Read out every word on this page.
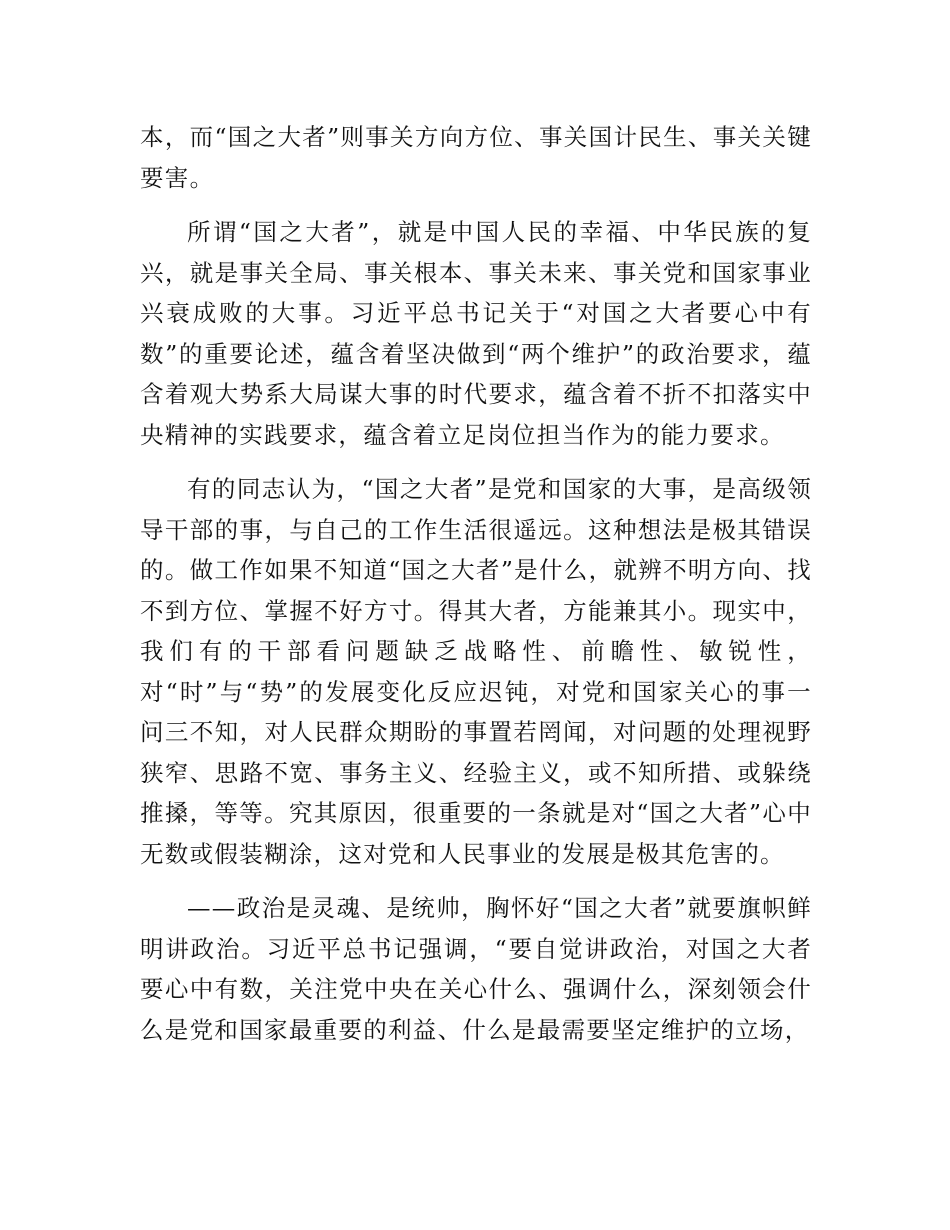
本，而“国之大者”则事关方向方位、事关国计民生、事关关键要害。

所谓“国之大者”，就是中国人民的幸福、中华民族的复兴，就是事关全局、事关根本、事关未来、事关党和国家事业兴衰成败的大事。习近平总书记关于“对国之大者要心中有数”的重要论述，蕴含着坚决做到“两个维护”的政治要求，蕴含着观大势系大局谋大事的时代要求，蕴含着不折不扣落实中央精神的实践要求，蕴含着立足岗位担当作为的能力要求。

有的同志认为，“国之大者”是党和国家的大事，是高级领导干部的事，与自己的工作生活很遥远。这种想法是极其错误的。做工作如果不知道“国之大者”是什么，就辨不明方向、找不到方位、掌握不好方寸。得其大者，方能兼其小。现实中，我们有的干部看问题缺乏战略性、前瞻性、敏锐性，对“时”与“势”的发展变化反应迟钝，对党和国家关心的事一问三不知，对人民群众期盼的事置若罔闻，对问题的处理视野狭窄、思路不宽、事务主义、经验主义，或不知所措、或躲绕推搡，等等。究其原因，很重要的一条就是对“国之大者”心中无数或假装糊涂，这对党和人民事业的发展是极其危害的。

——政治是灵魂、是统帅，胸怀好“国之大者”就要旗帜鲜明讲政治。习近平总书记强调，“要自觉讲政治，对国之大者要心中有数，关注党中央在关心什么、强调什么，深刻领会什么是党和国家最重要的利益、什么是最需要坚定维护的立场，
